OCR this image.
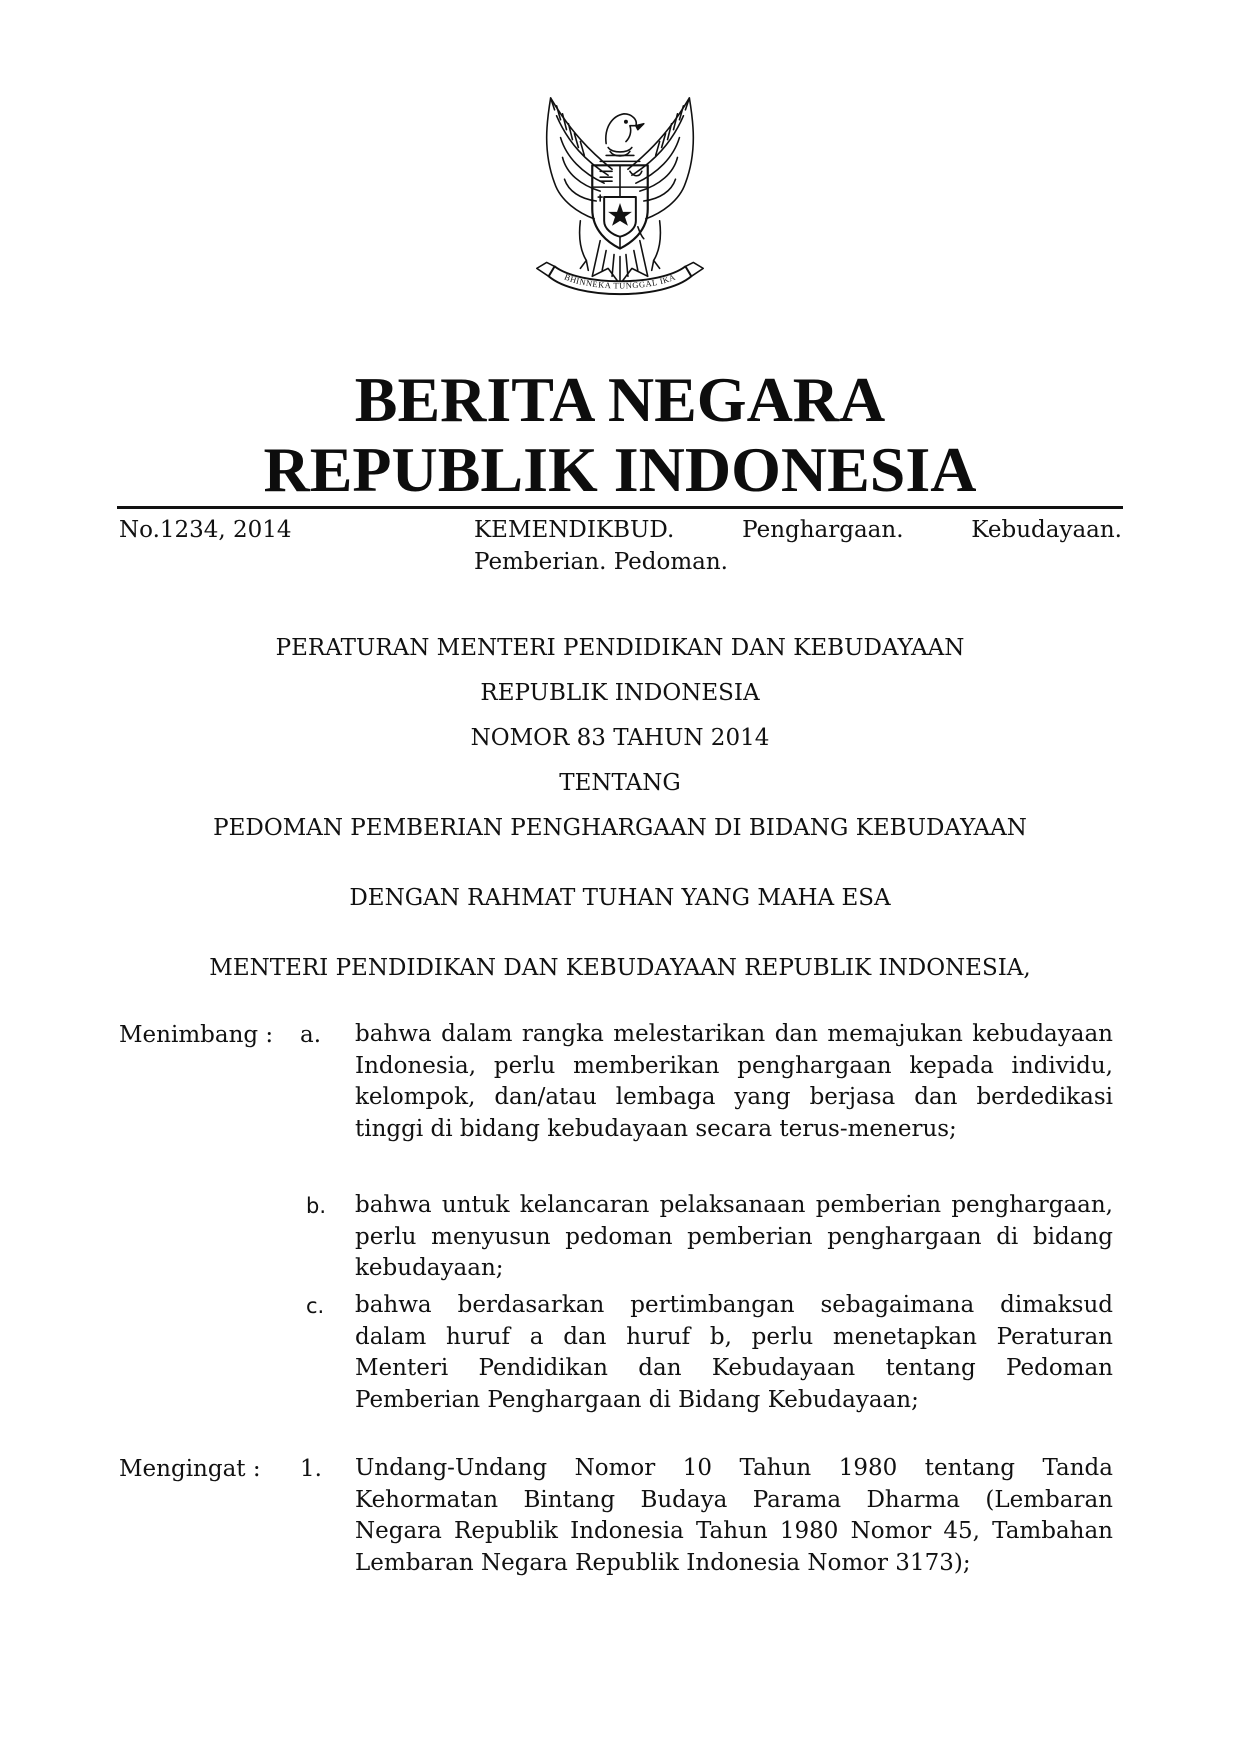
BHINNEKA TUNGGAL IKA
BERITA NEGARA
REPUBLIK INDONESIA
No.1234, 2014	KEMENDIKBUD.	Penghargaan.	Kebudayaan.
Pemberian. Pedoman.
PERATURAN MENTERI PENDIDIKAN DAN KEBUDAYAAN
REPUBLIK INDONESIA
NOMOR 83 TAHUN 2014
TENTANG
PEDOMAN PEMBERIAN PENGHARGAAN DI BIDANG KEBUDAYAAN
DENGAN RAHMAT TUHAN YANG MAHA ESA
MENTERI PENDIDIKAN DAN KEBUDAYAAN REPUBLIK INDONESIA,
Menimbang : a. bahwa dalam rangka melestarikan dan memajukan kebudayaan Indonesia, perlu memberikan penghargaan kepada individu, kelompok, dan/atau lembaga yang berjasa dan berdedikasi tinggi di bidang kebudayaan secara terus-menerus;
b. bahwa untuk kelancaran pelaksanaan pemberian penghargaan, perlu menyusun pedoman pemberian penghargaan di bidang kebudayaan;
c. bahwa berdasarkan pertimbangan sebagaimana dimaksud dalam huruf a dan huruf b, perlu menetapkan Peraturan Menteri Pendidikan dan Kebudayaan tentang Pedoman Pemberian Penghargaan di Bidang Kebudayaan;
Mengingat : 1. Undang-Undang Nomor 10 Tahun 1980 tentang Tanda Kehormatan Bintang Budaya Parama Dharma (Lembaran Negara Republik Indonesia Tahun 1980 Nomor 45, Tambahan Lembaran Negara Republik Indonesia Nomor 3173);
